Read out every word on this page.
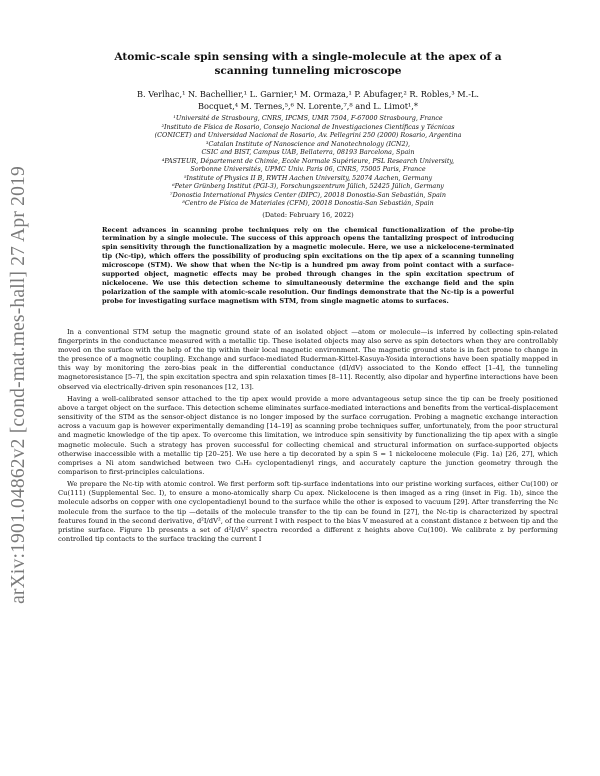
arXiv:1901.04862v2 [cond-mat.mes-hall] 27 Apr 2019
Atomic-scale spin sensing with a single-molecule at the apex of a scanning tunneling microscope
B. Verlhac,¹ N. Bachellier,¹ L. Garnier,¹ M. Ormaza,¹ P. Abufager,² R. Robles,³ M.-L. Bocquet,⁴ M. Ternes,⁵,⁶ N. Lorente,⁷,⁸ and L. Limot¹,*
¹Université de Strasbourg, CNRS, IPCMS, UMR 7504, F-67000 Strasbourg, France
²Instituto de Física de Rosario, Consejo Nacional de Investigaciones Científicas y Técnicas
(CONICET) and Universidad Nacional de Rosario, Av. Pellegrini 250 (2000) Rosario, Argentina
³Catalan Institute of Nanoscience and Nanotechnology (ICN2),
CSIC and BIST, Campus UAB, Bellaterra, 08193 Barcelona, Spain
⁴PASTEUR, Département de Chimie, Ecole Normale Supérieure, PSL Research University,
Sorbonne Universités, UPMC Univ. Paris 06, CNRS, 75005 Paris, France
⁵Institute of Physics II B, RWTH Aachen University, 52074 Aachen, Germany
⁶Peter Grünberg Institut (PGI-3), Forschungszentrum Jülich, 52425 Jülich, Germany
⁷Donostia International Physics Center (DIPC), 20018 Donostia-San Sebastián, Spain
⁸Centro de Física de Materiales (CFM), 20018 Donostia-San Sebastián, Spain
(Dated: February 16, 2022)
Recent advances in scanning probe techniques rely on the chemical functionalization of the probe-tip termination by a single molecule. The success of this approach opens the tantalizing prospect of introducing spin sensitivity through the functionalization by a magnetic molecule. Here, we use a nickelocene-terminated tip (Nc-tip), which offers the possibility of producing spin excitations on the tip apex of a scanning tunneling microscope (STM). We show that when the Nc-tip is a hundred pm away from point contact with a surface-supported object, magnetic effects may be probed through changes in the spin excitation spectrum of nickelocene. We use this detection scheme to simultaneously determine the exchange field and the spin polarization of the sample with atomic-scale resolution. Our findings demonstrate that the Nc-tip is a powerful probe for investigating surface magnetism with STM, from single magnetic atoms to surfaces.

In a conventional STM setup the magnetic ground state of an isolated object —atom or molecule—is inferred by collecting spin-related fingerprints in the conductance measured with a metallic tip. These isolated objects may also serve as spin detectors when they are controllably moved on the surface with the help of the tip within their local magnetic environment. The magnetic ground state is in fact prone to change in the presence of a magnetic coupling. Exchange and surface-mediated Ruderman-Kittel-Kasuya-Yosida interactions have been spatially mapped in this way by monitoring the zero-bias peak in the differential conductance (dI/dV) associated to the Kondo effect [1–4], the tunneling magnetoresistance [5–7], the spin excitation spectra and spin relaxation times [8–11]. Recently, also dipolar and hyperfine interactions have been observed via electrically-driven spin resonances [12, 13].

Having a well-calibrated sensor attached to the tip apex would provide a more advantageous setup since the tip can be freely positioned above a target object on the surface. This detection scheme eliminates surface-mediated interactions and benefits from the vertical-displacement sensitivity of the STM as the sensor-object distance is no longer imposed by the surface corrugation. Probing a magnetic exchange interaction across a vacuum gap is however experimentally demanding [14–19] as scanning probe techniques suffer, unfortunately, from the poor structural and magnetic knowledge of the tip apex. To overcome this limitation, we introduce spin sensitivity by functionalizing the tip apex with a single magnetic molecule. Such a strategy has proven successful for collecting chemical and structural information on surface-supported objects otherwise inaccessible with a metallic tip [20–25]. We use here a tip decorated by a spin S = 1 nickelocene molecule (Fig. 1a) [26, 27], which comprises a Ni atom sandwiched between two C₅H₅ cyclopentadienyl rings, and accurately capture the junction geometry through the comparison to first-principles calculations.

We prepare the Nc-tip with atomic control. We first perform soft tip-surface indentations into our pristine working surfaces, either Cu(100) or Cu(111) (Supplemental Sec. I), to ensure a mono-atomically sharp Cu apex. Nickelocene is then imaged as a ring (inset in Fig. 1b), since the molecule adsorbs on copper with one cyclopentadienyl bound to the surface while the other is exposed to vacuum [29]. After transferring the Nc molecule from the surface to the tip —details of the molecule transfer to the tip can be found in [27], the Nc-tip is characterized by spectral features found in the second derivative, d²I/dV², of the current I with respect to the bias V measured at a constant distance z between tip and the pristine surface. Figure 1b presents a set of d²I/dV² spectra recorded a different z heights above Cu(100). We calibrate z by performing controlled tip contacts to the surface tracking the current I
